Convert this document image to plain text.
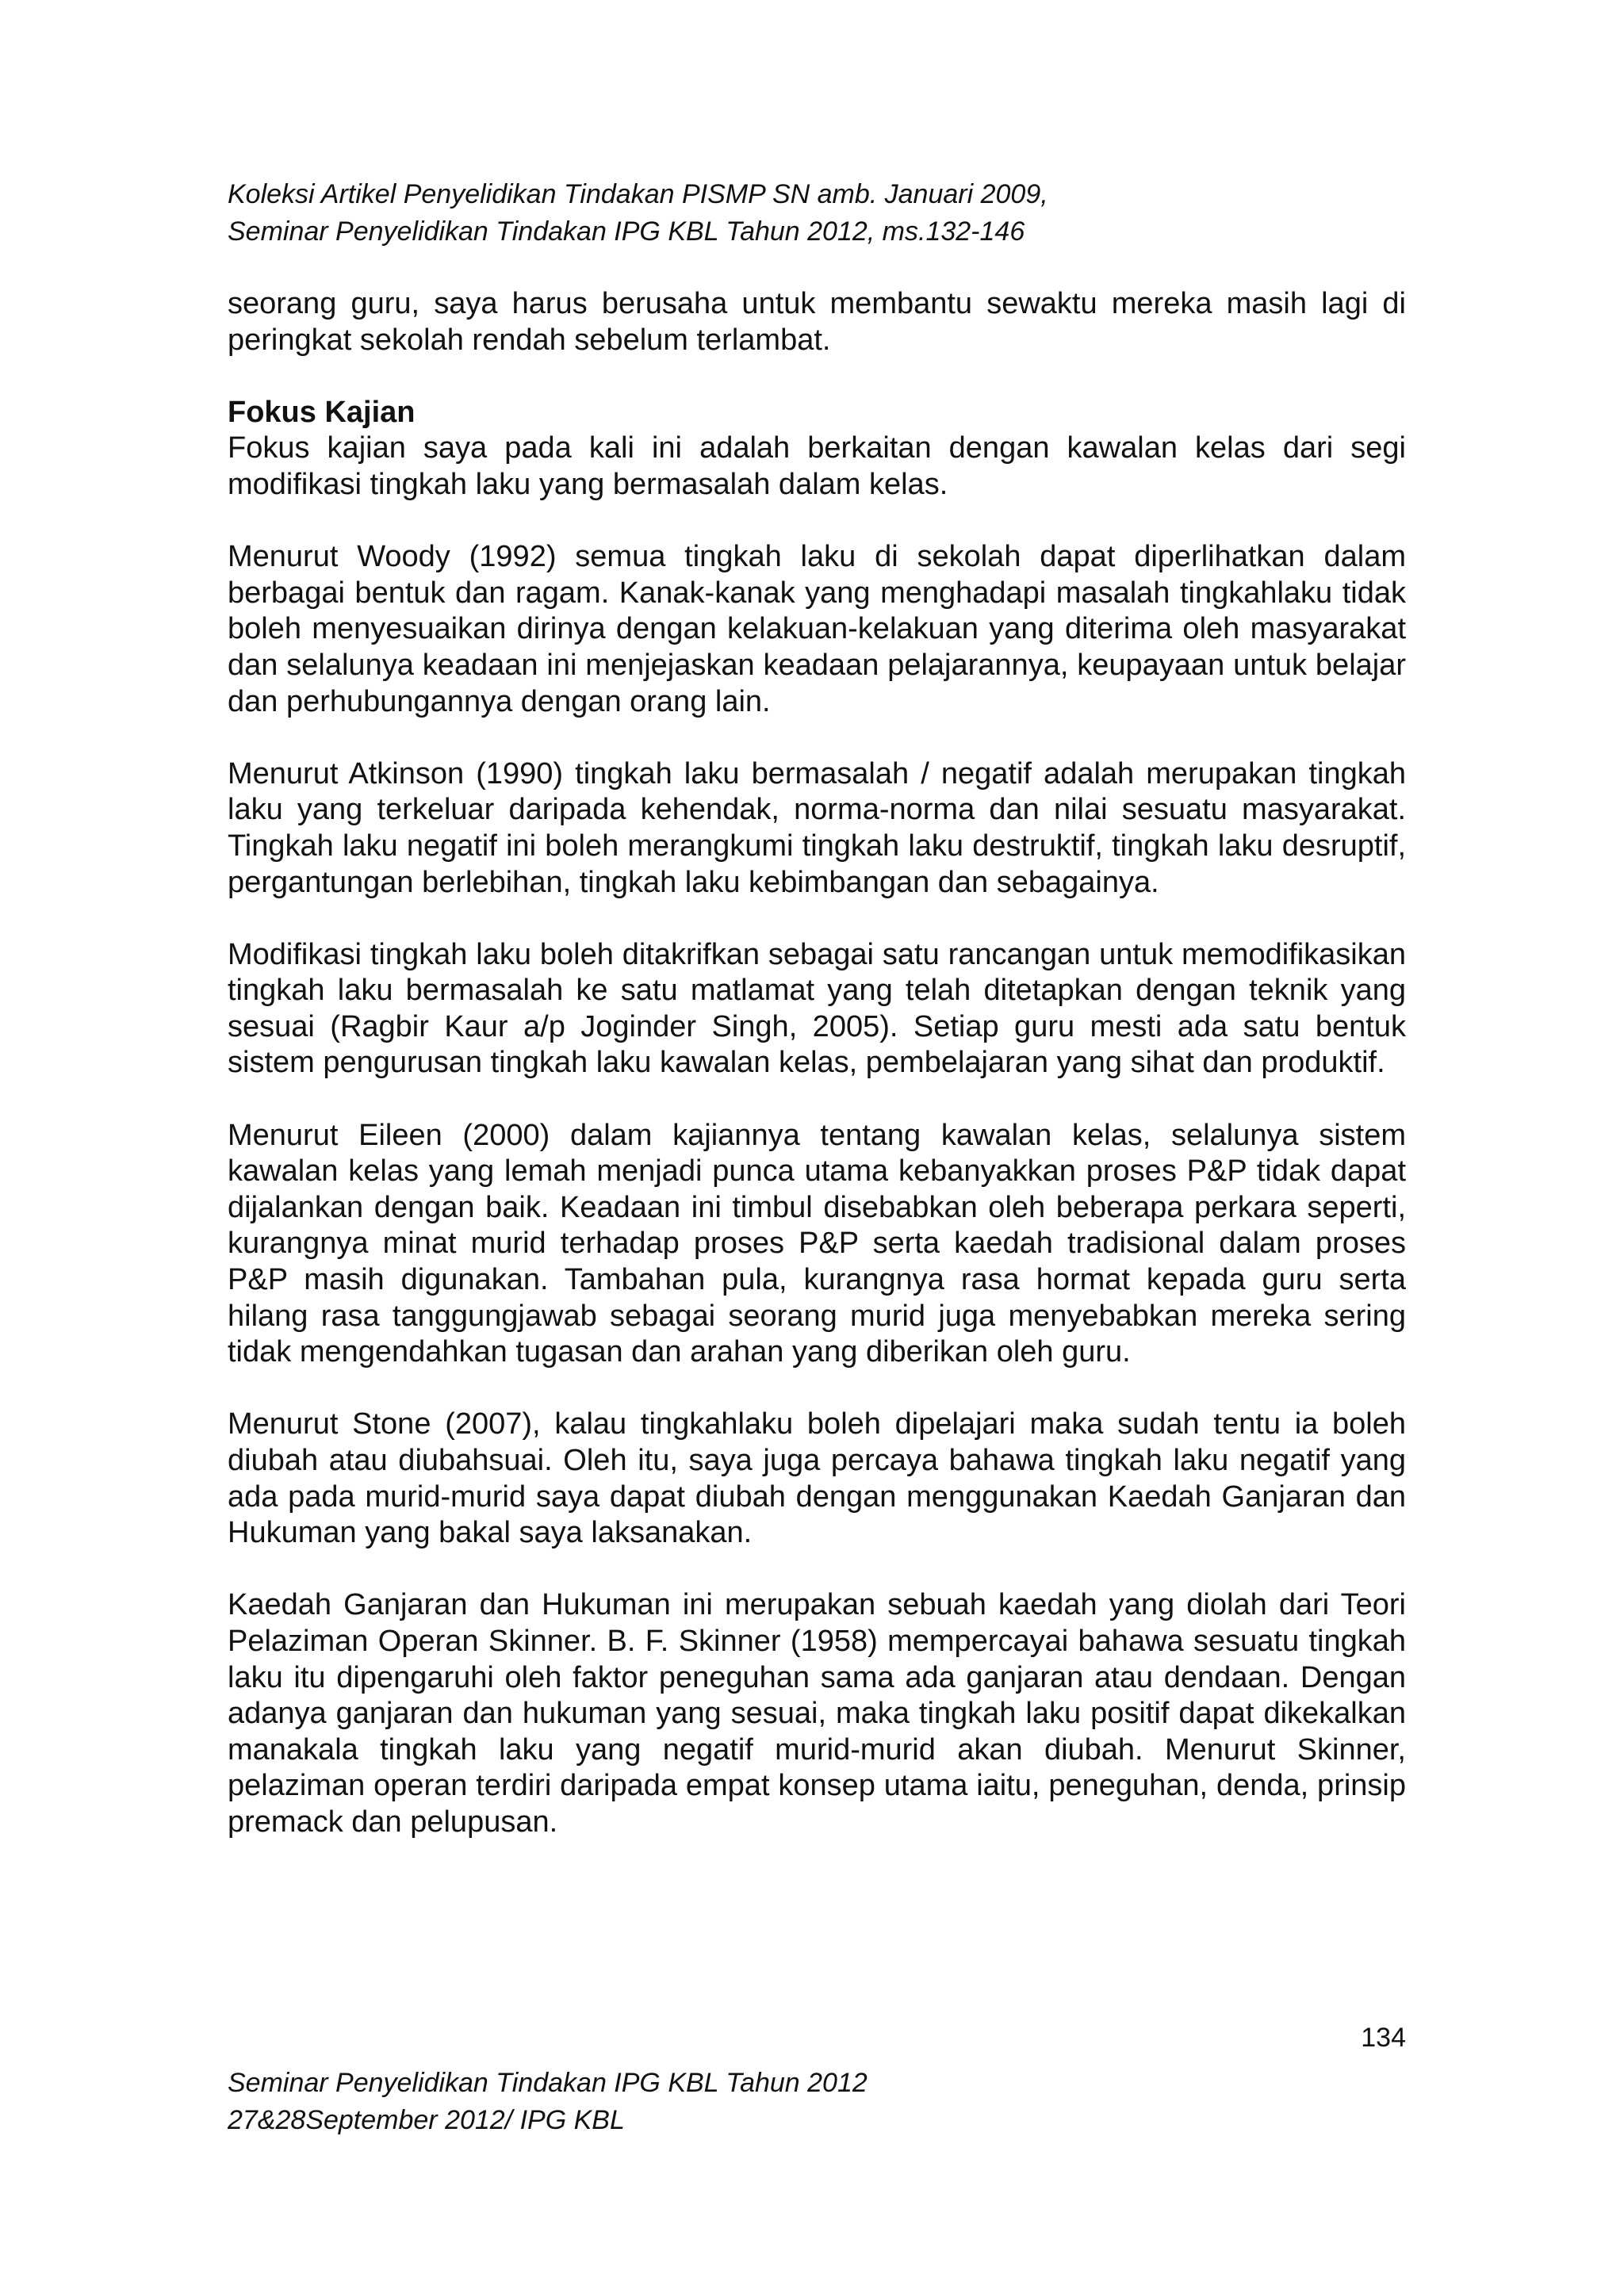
Koleksi Artikel Penyelidikan Tindakan PISMP SN amb. Januari 2009,
Seminar Penyelidikan Tindakan IPG KBL Tahun 2012, ms.132-146

seorang guru, saya harus berusaha untuk membantu sewaktu mereka masih lagi di peringkat sekolah rendah sebelum terlambat.

Fokus Kajian

Fokus kajian saya pada kali ini adalah berkaitan dengan kawalan kelas dari segi modifikasi tingkah laku yang bermasalah dalam kelas.

Menurut Woody (1992) semua tingkah laku di sekolah dapat diperlihatkan dalam berbagai bentuk dan ragam. Kanak-kanak yang menghadapi masalah tingkahlaku tidak boleh menyesuaikan dirinya dengan kelakuan-kelakuan yang diterima oleh masyarakat dan selalunya keadaan ini menjejaskan keadaan pelajarannya, keupayaan untuk belajar dan perhubungannya dengan orang lain.

Menurut Atkinson (1990) tingkah laku bermasalah / negatif adalah merupakan tingkah laku yang terkeluar daripada kehendak, norma-norma dan nilai sesuatu masyarakat. Tingkah laku negatif ini boleh merangkumi tingkah laku destruktif, tingkah laku desruptif, pergantungan berlebihan, tingkah laku kebimbangan dan sebagainya.

Modifikasi tingkah laku boleh ditakrifkan sebagai satu rancangan untuk memodifikasikan tingkah laku bermasalah ke satu matlamat yang telah ditetapkan dengan teknik yang sesuai (Ragbir Kaur a/p Joginder Singh, 2005). Setiap guru mesti ada satu bentuk sistem pengurusan tingkah laku kawalan kelas, pembelajaran yang sihat dan produktif.

Menurut Eileen (2000) dalam kajiannya tentang kawalan kelas, selalunya sistem kawalan kelas yang lemah menjadi punca utama kebanyakkan proses P&P tidak dapat dijalankan dengan baik. Keadaan ini timbul disebabkan oleh beberapa perkara seperti, kurangnya minat murid terhadap proses P&P serta kaedah tradisional dalam proses P&P masih digunakan. Tambahan pula, kurangnya rasa hormat kepada guru serta hilang rasa tanggungjawab sebagai seorang murid juga menyebabkan mereka sering tidak mengendahkan tugasan dan arahan yang diberikan oleh guru.

Menurut Stone (2007), kalau tingkahlaku boleh dipelajari maka sudah tentu ia boleh diubah atau diubahsuai. Oleh itu, saya juga percaya bahawa tingkah laku negatif yang ada pada murid-murid saya dapat diubah dengan menggunakan Kaedah Ganjaran dan Hukuman yang bakal saya laksanakan.

Kaedah Ganjaran dan Hukuman ini merupakan sebuah kaedah yang diolah dari Teori Pelaziman Operan Skinner. B. F. Skinner (1958) mempercayai bahawa sesuatu tingkah laku itu dipengaruhi oleh faktor peneguhan sama ada ganjaran atau dendaan. Dengan adanya ganjaran dan hukuman yang sesuai, maka tingkah laku positif dapat dikekalkan manakala tingkah laku yang negatif murid-murid akan diubah. Menurut Skinner, pelaziman operan terdiri daripada empat konsep utama iaitu, peneguhan, denda, prinsip premack dan pelupusan.

134
Seminar Penyelidikan Tindakan IPG KBL Tahun 2012
27&28September 2012/ IPG KBL
